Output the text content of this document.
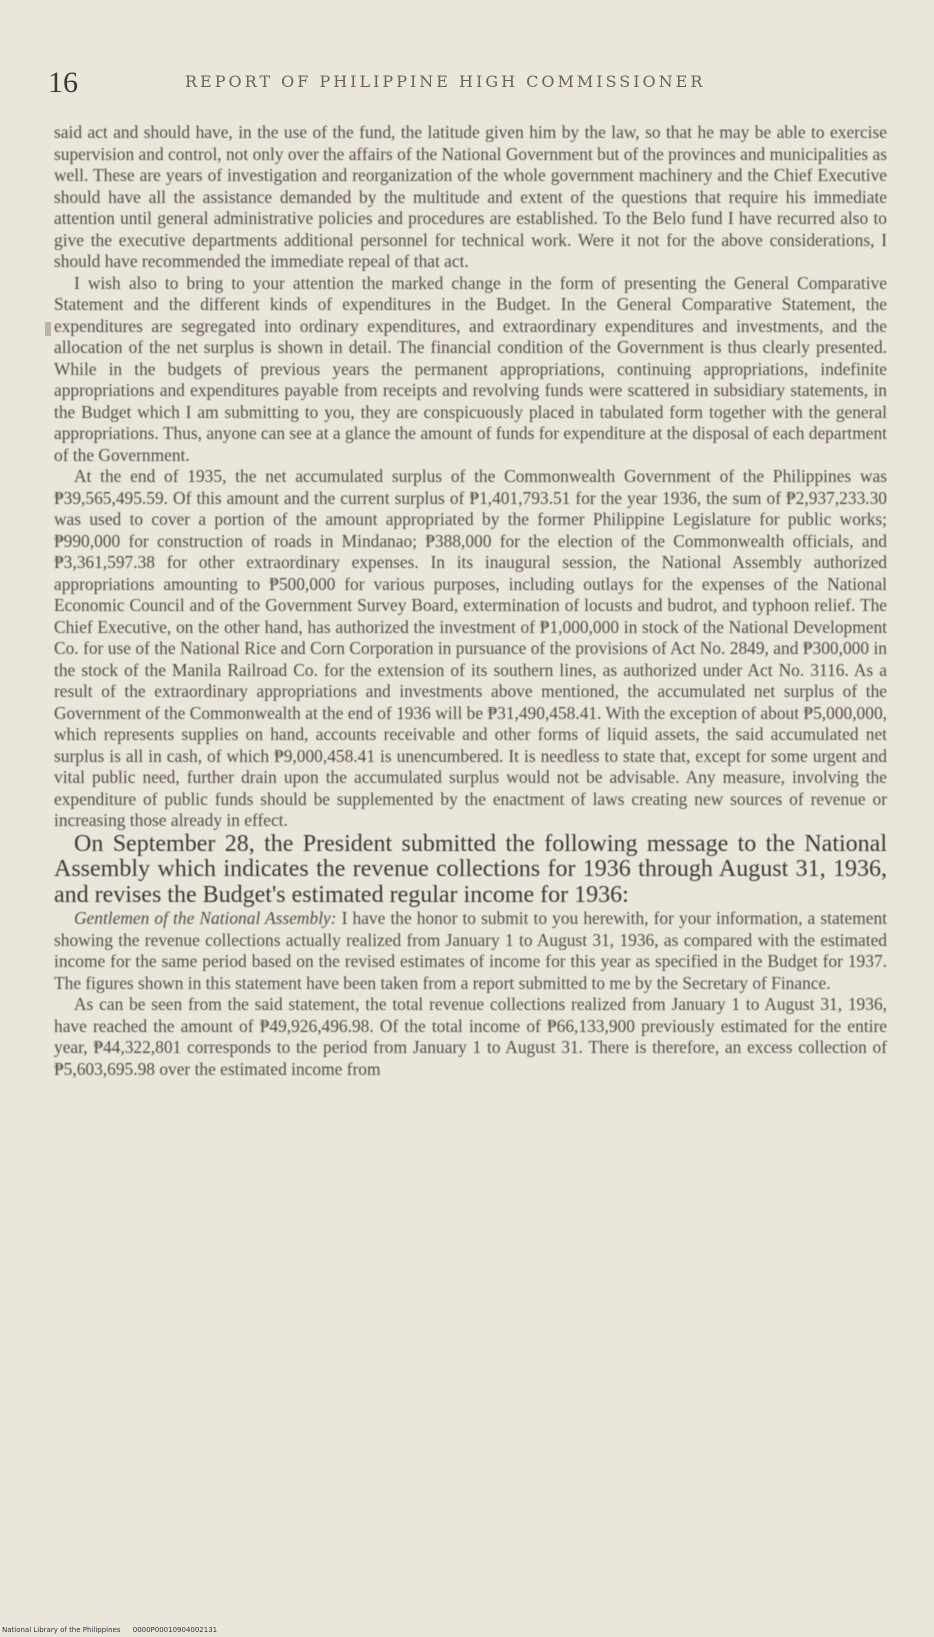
16	REPORT OF PHILIPPINE HIGH COMMISSIONER

said act and should have, in the use of the fund, the latitude given him by the law, so that he may be able to exercise supervision and control, not only over the affairs of the National Government but of the provinces and municipalities as well. These are years of investigation and reorganization of the whole government machinery and the Chief Executive should have all the assistance demanded by the multitude and extent of the questions that require his immediate attention until general administrative policies and procedures are established. To the Belo fund I have recurred also to give the executive departments additional personnel for technical work. Were it not for the above considerations, I should have recommended the immediate repeal of that act.

I wish also to bring to your attention the marked change in the form of presenting the General Comparative Statement and the different kinds of expenditures in the Budget. In the General Comparative Statement, the expenditures are segregated into ordinary expenditures, and extraordinary expenditures and investments, and the allocation of the net surplus is shown in detail. The financial condition of the Government is thus clearly presented. While in the budgets of previous years the permanent appropriations, continuing appropriations, indefinite appropriations and expenditures payable from receipts and revolving funds were scattered in subsidiary statements, in the Budget which I am submitting to you, they are conspicuously placed in tabulated form together with the general appropriations. Thus, anyone can see at a glance the amount of funds for expenditure at the disposal of each department of the Government.

At the end of 1935, the net accumulated surplus of the Commonwealth Government of the Philippines was ₱39,565,495.59. Of this amount and the current surplus of ₱1,401,793.51 for the year 1936, the sum of ₱2,937,233.30 was used to cover a portion of the amount appropriated by the former Philippine Legislature for public works; ₱990,000 for construction of roads in Mindanao; ₱388,000 for the election of the Commonwealth officials, and ₱3,361,597.38 for other extraordinary expenses. In its inaugural session, the National Assembly authorized appropriations amounting to ₱500,000 for various purposes, including outlays for the expenses of the National Economic Council and of the Government Survey Board, extermination of locusts and budrot, and typhoon relief. The Chief Executive, on the other hand, has authorized the investment of ₱1,000,000 in stock of the National Development Co. for use of the National Rice and Corn Corporation in pursuance of the provisions of Act No. 2849, and ₱300,000 in the stock of the Manila Railroad Co. for the extension of its southern lines, as authorized under Act No. 3116. As a result of the extraordinary appropriations and investments above mentioned, the accumulated net surplus of the Government of the Commonwealth at the end of 1936 will be ₱31,490,458.41. With the exception of about ₱5,000,000, which represents supplies on hand, accounts receivable and other forms of liquid assets, the said accumulated net surplus is all in cash, of which ₱9,000,458.41 is unencumbered. It is needless to state that, except for some urgent and vital public need, further drain upon the accumulated surplus would not be advisable. Any measure, involving the expenditure of public funds should be supplemented by the enactment of laws creating new sources of revenue or increasing those already in effect.

On September 28, the President submitted the following message to the National Assembly which indicates the revenue collections for 1936 through August 31, 1936, and revises the Budget's estimated regular income for 1936:

Gentlemen of the National Assembly: I have the honor to submit to you herewith, for your information, a statement showing the revenue collections actually realized from January 1 to August 31, 1936, as compared with the estimated income for the same period based on the revised estimates of income for this year as specified in the Budget for 1937. The figures shown in this statement have been taken from a report submitted to me by the Secretary of Finance.

As can be seen from the said statement, the total revenue collections realized from January 1 to August 31, 1936, have reached the amount of ₱49,926,496.98. Of the total income of ₱66,133,900 previously estimated for the entire year, ₱44,322,801 corresponds to the period from January 1 to August 31. There is therefore, an excess collection of ₱5,603,695.98 over the estimated income from

National Library of the Philippines 0000P00010904002131
